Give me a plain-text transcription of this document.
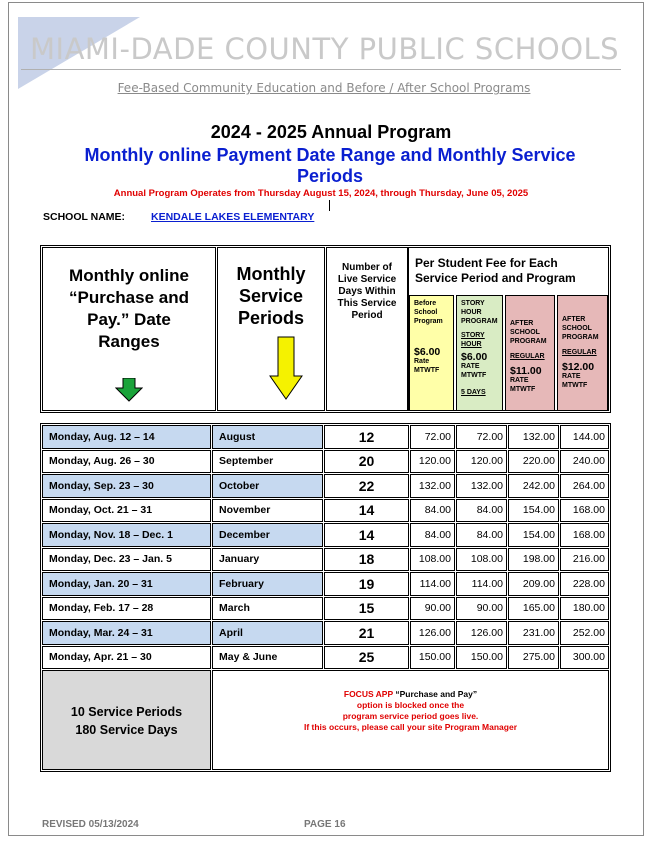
MIAMI-DADE COUNTY PUBLIC SCHOOLS
Fee-Based Community Education and Before / After School Programs
2024 - 2025 Annual Program
Monthly online Payment Date Range and Monthly Service Periods
Annual Program Operates from Thursday August 15, 2024, through Thursday, June 05, 2025
SCHOOL NAME: KENDALE LAKES ELEMENTARY
Monthly online “Purchase and Pay.” Date Ranges
Monthly Service Periods
Number of Live Service Days Within This Service Period
Per Student Fee for Each Service Period and Program
Before School Program
$6.00
Rate MTWTF
STORY HOUR PROGRAM

STORY HOUR
$6.00
RATE MTWTF

5 DAYS
AFTER SCHOOL PROGRAM
REGULAR
$11.00
RATE MTWTF
AFTER SCHOOL PROGRAM
REGULAR
$12.00
RATE MTWTF
Monday, Aug. 12 – 14	August	12	72.00	72.00	132.00	144.00
Monday, Aug. 26 – 30	September	20	120.00	120.00	220.00	240.00
Monday, Sep. 23 – 30	October	22	132.00	132.00	242.00	264.00
Monday, Oct. 21 – 31	November	14	84.00	84.00	154.00	168.00
Monday, Nov. 18 – Dec. 1	December	14	84.00	84.00	154.00	168.00
Monday, Dec. 23 – Jan. 5	January	18	108.00	108.00	198.00	216.00
Monday, Jan. 20 – 31	February	19	114.00	114.00	209.00	228.00
Monday, Feb. 17 – 28	March	15	90.00	90.00	165.00	180.00
Monday, Mar. 24 – 31	April	21	126.00	126.00	231.00	252.00
Monday, Apr. 21 – 30	May & June	25	150.00	150.00	275.00	300.00
10 Service Periods
180 Service Days
FOCUS APP “Purchase and Pay”
option is blocked once the
program service period goes live.
If this occurs, please call your site Program Manager
REVISED 05/13/2024	PAGE 16
